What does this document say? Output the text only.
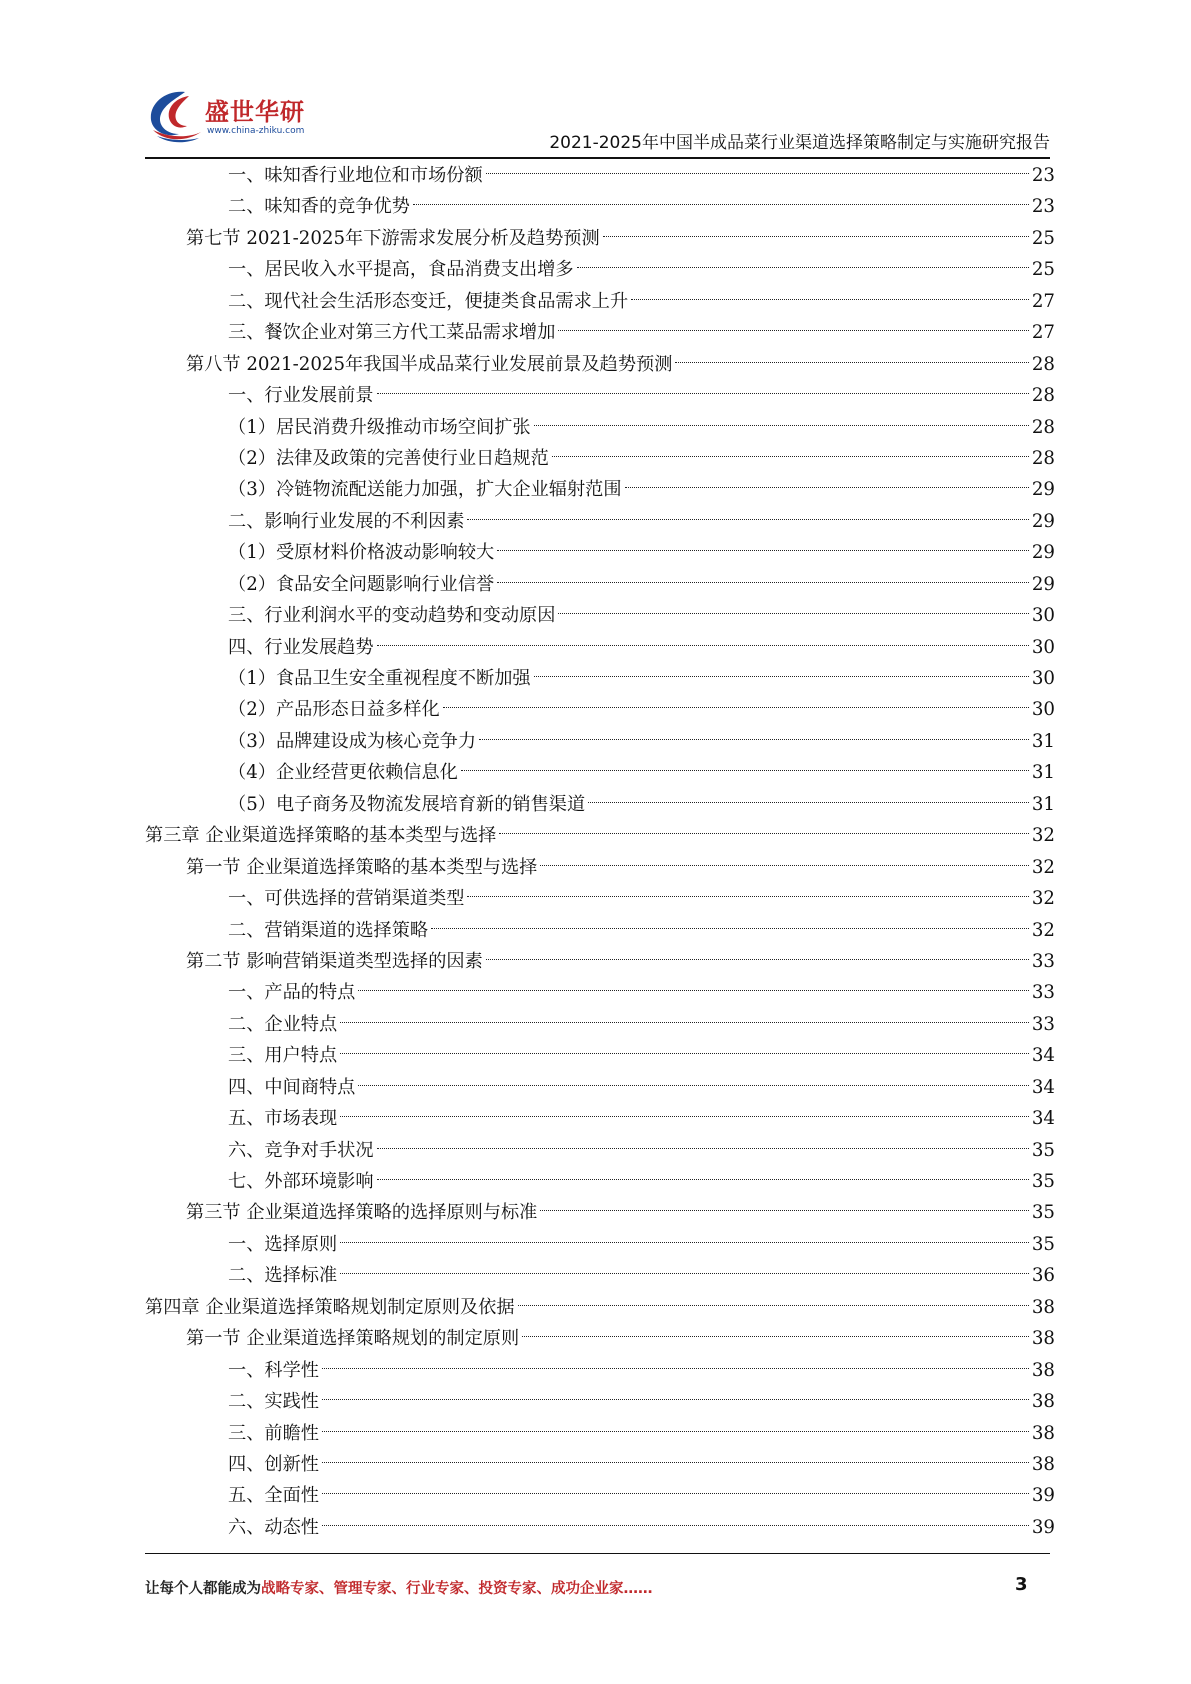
盛世华研
www.china-zhiku.com
2021-2025年中国半成品菜行业渠道选择策略制定与实施研究报告
一、味知香行业地位和市场份额	23
二、味知香的竞争优势	23
第七节 2021-2025年下游需求发展分析及趋势预测	25
一、居民收入水平提高，食品消费支出增多	25
二、现代社会生活形态变迁，便捷类食品需求上升	27
三、餐饮企业对第三方代工菜品需求增加	27
第八节 2021-2025年我国半成品菜行业发展前景及趋势预测	28
一、行业发展前景	28
（1）居民消费升级推动市场空间扩张	28
（2）法律及政策的完善使行业日趋规范	28
（3）冷链物流配送能力加强，扩大企业辐射范围	29
二、影响行业发展的不利因素	29
（1）受原材料价格波动影响较大	29
（2）食品安全问题影响行业信誉	29
三、行业利润水平的变动趋势和变动原因	30
四、行业发展趋势	30
（1）食品卫生安全重视程度不断加强	30
（2）产品形态日益多样化	30
（3）品牌建设成为核心竞争力	31
（4）企业经营更依赖信息化	31
（5）电子商务及物流发展培育新的销售渠道	31
第三章 企业渠道选择策略的基本类型与选择	32
第一节 企业渠道选择策略的基本类型与选择	32
一、可供选择的营销渠道类型	32
二、营销渠道的选择策略	32
第二节 影响营销渠道类型选择的因素	33
一、产品的特点	33
二、企业特点	33
三、用户特点	34
四、中间商特点	34
五、市场表现	34
六、竞争对手状况	35
七、外部环境影响	35
第三节 企业渠道选择策略的选择原则与标准	35
一、选择原则	35
二、选择标准	36
第四章 企业渠道选择策略规划制定原则及依据	38
第一节 企业渠道选择策略规划的制定原则	38
一、科学性	38
二、实践性	38
三、前瞻性	38
四、创新性	38
五、全面性	39
六、动态性	39
让每个人都能成为战略专家、管理专家、行业专家、投资专家、成功企业家……	3
